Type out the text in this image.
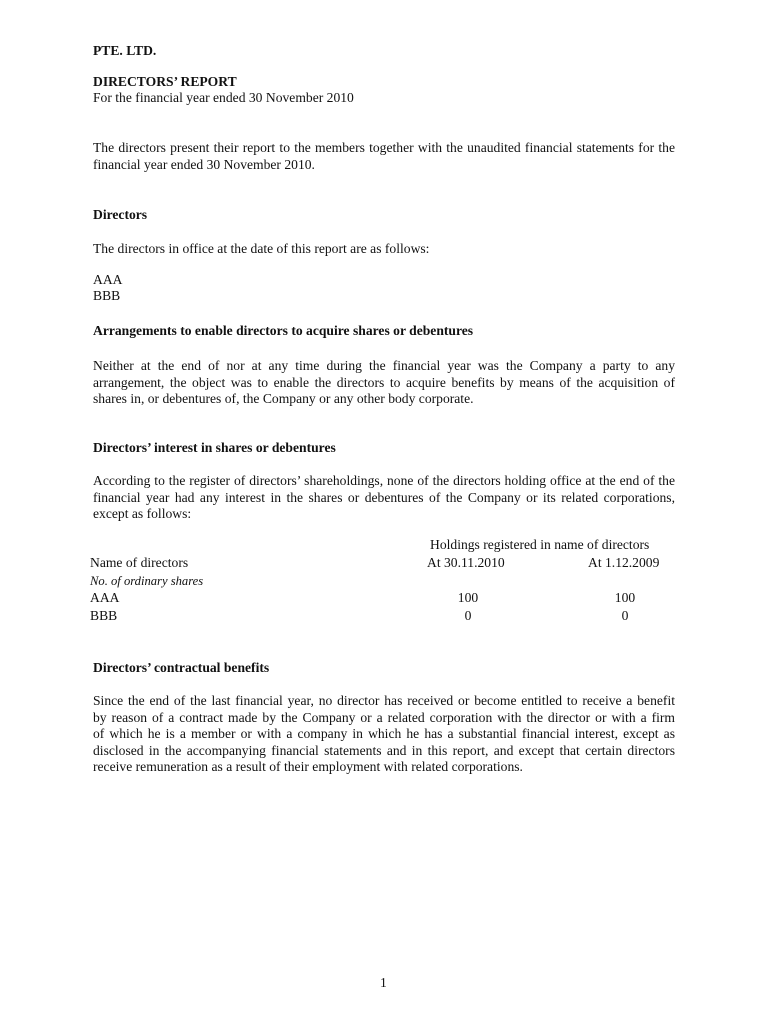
PTE. LTD.

DIRECTORS’ REPORT

For the financial year ended 30 November 2010

The directors present their report to the members together with the unaudited financial statements for the financial year ended 30 November 2010.

Directors

The directors in office at the date of this report are as follows:

AAA

BBB

Arrangements to enable directors to acquire shares or debentures

Neither at the end of nor at any time during the financial year was the Company a party to any arrangement, the object was to enable the directors to acquire benefits by means of the acquisition of shares in, or debentures of, the Company or any other body corporate.

Directors’ interest in shares or debentures

According to the register of directors’ shareholdings, none of the directors holding office at the end of the financial year had any interest in the shares or debentures of the Company or its related corporations, except as follows:

Holdings registered in name of directors

Name of directors	At 30.11.2010	At 1.12.2009

No. of ordinary shares

AAA	100	100

BBB	0	0

Directors’ contractual benefits

Since the end of the last financial year, no director has received or become entitled to receive a benefit
by reason of a contract made by the Company or a related corporation with the director or with a firm
of which he is a member or with a company in which he has a substantial financial interest, except as
disclosed in the accompanying financial statements and in this report, and except that certain directors
receive remuneration as a result of their employment with related corporations.

1
